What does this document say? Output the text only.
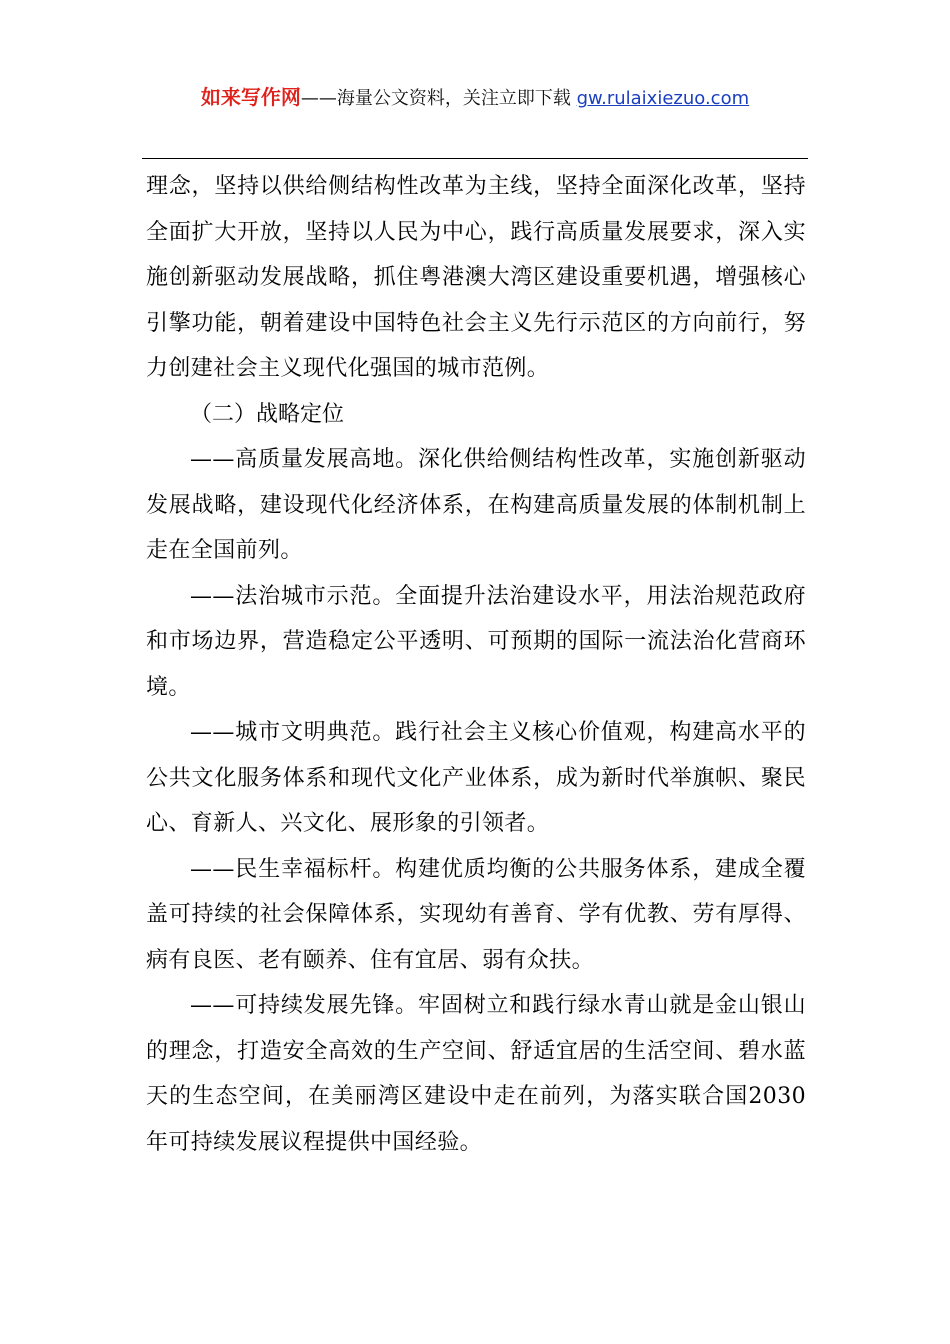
如来写作网——海量公文资料，关注立即下载 gw.rulaixiezuo.com

理念，坚持以供给侧结构性改革为主线，坚持全面深化改革，坚持全面扩大开放，坚持以人民为中心，践行高质量发展要求，深入实施创新驱动发展战略，抓住粤港澳大湾区建设重要机遇，增强核心引擎功能，朝着建设中国特色社会主义先行示范区的方向前行，努力创建社会主义现代化强国的城市范例。

（二）战略定位

——高质量发展高地。深化供给侧结构性改革，实施创新驱动发展战略，建设现代化经济体系，在构建高质量发展的体制机制上走在全国前列。

——法治城市示范。全面提升法治建设水平，用法治规范政府和市场边界，营造稳定公平透明、可预期的国际一流法治化营商环境。

——城市文明典范。践行社会主义核心价值观，构建高水平的公共文化服务体系和现代文化产业体系，成为新时代举旗帜、聚民心、育新人、兴文化、展形象的引领者。

——民生幸福标杆。构建优质均衡的公共服务体系，建成全覆盖可持续的社会保障体系，实现幼有善育、学有优教、劳有厚得、病有良医、老有颐养、住有宜居、弱有众扶。

——可持续发展先锋。牢固树立和践行绿水青山就是金山银山的理念，打造安全高效的生产空间、舒适宜居的生活空间、碧水蓝天的生态空间，在美丽湾区建设中走在前列，为落实联合国2030年可持续发展议程提供中国经验。
